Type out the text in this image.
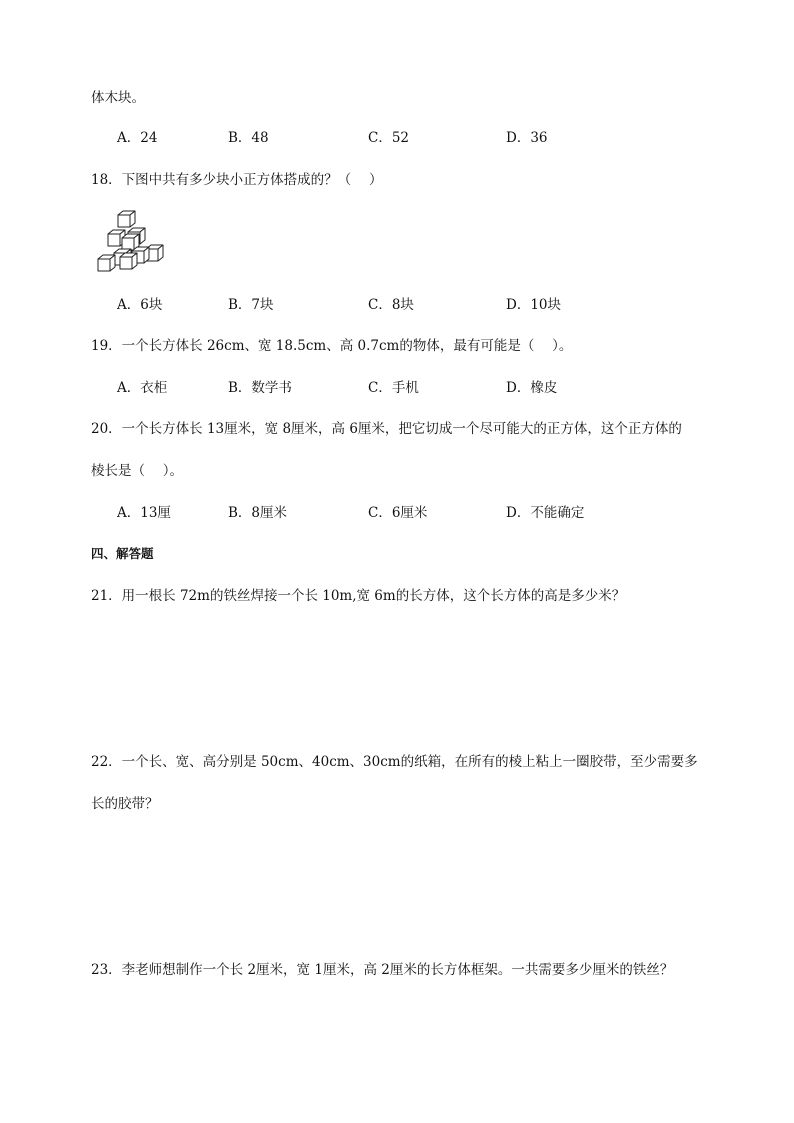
体木块。
A．24	B．48	C．52	D．36
18．下图中共有多少块小正方体搭成的？（　 ）
A．6块	B．7块	C．8块	D．10块
19．一个长方体长 26cm、宽 18.5cm、高 0.7cm的物体，最有可能是（　 ）。
A．衣柜	B．数学书	C．手机	D．橡皮
20．一个长方体长 13厘米，宽 8厘米，高 6厘米，把它切成一个尽可能大的正方体，这个正方体的
棱长是（　 ）。
A．13厘	B．8厘米	C．6厘米	D．不能确定
四、解答题
21．用一根长 72m的铁丝焊接一个长 10m,宽 6m的长方体，这个长方体的高是多少米？
22．一个长、宽、高分别是 50cm、40cm、30cm的纸箱，在所有的棱上粘上一圈胶带，至少需要多
长的胶带？
23．李老师想制作一个长 2厘米，宽 1厘米，高 2厘米的长方体框架。一共需要多少厘米的铁丝？
